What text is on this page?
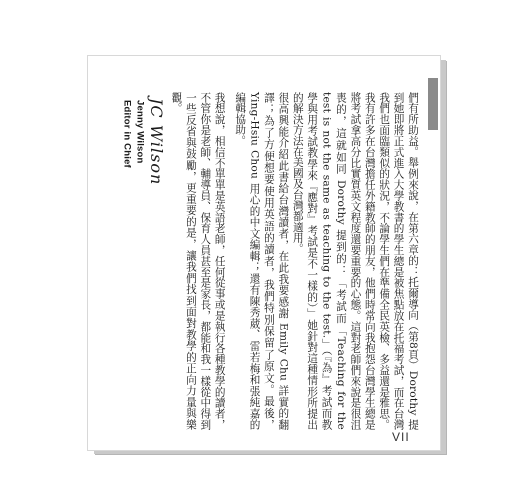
們有所助益。舉例來說，在第六章的：托爾導向（第8頁）Dorothy 提到她即將正式進入大學教書的學生總是被焦點放在托福考試，而在台灣我們也面臨類似的狀況，不論學生們在準備全民英檢、多益還是雅思。我有許多在台灣擔任外籍教師的朋友，他們時常向我抱怨台灣學生總是將考試拿高分比實質英文程度還要重要的心態。這對老師們來說是很沮喪的，這就如同 Dorothy 提到的：「考試而「Teaching for the test is not the same as teaching to the test.」（『為』考試而教學與用考試教學來『應對』考試是不一樣的）」她針對這種情形所提出的解決方法在美國及台灣都適用。

很高興能介紹此書給台灣讀者，在此我要感謝 Emily Chu 詳實的翻譯；為了方便想要使用英語的讀者，我們特別保留了原文。最後，Ying-Hsiu Chou 用心的中文編輯；還有陳秀葳、雷若梅和張純嘉的編輯協助。

我想說，相信不單單是英語老師，任何從事或是執行各種教學的讀者，不管你是老師、輔導員、保育人員甚至是家長，都能和我一樣從中得到一些反省與鼓勵，更重要的是，讓我們找到面對教學的正向力量與樂觀。

JC Wilson
Jenny Wilson
Editor in Chief
VII
